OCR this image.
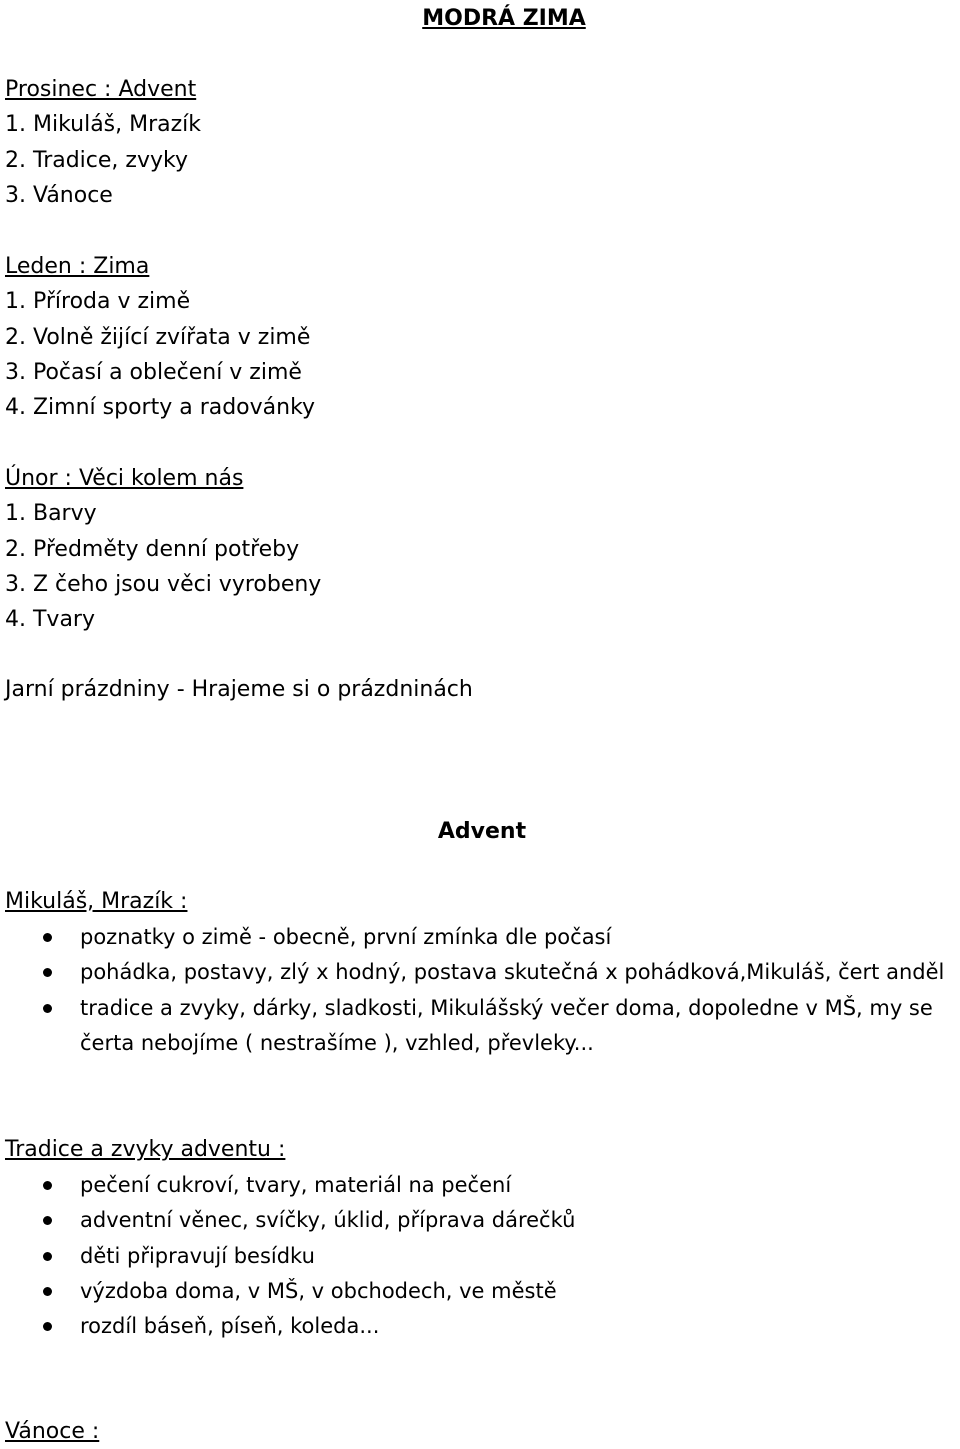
MODRÁ ZIMA
Prosinec : Advent
1. Mikuláš, Mrazík
2. Tradice, zvyky
3. Vánoce
Leden : Zima
1. Příroda v zimě
2. Volně žijící zvířata v zimě
3. Počasí a oblečení v zimě
4. Zimní sporty a radovánky
Únor : Věci kolem nás
1. Barvy
2. Předměty denní potřeby
3. Z čeho jsou věci vyrobeny
4. Tvary
Jarní prázdniny - Hrajeme si o prázdninách
Advent
Mikuláš, Mrazík :
poznatky o zimě - obecně, první zmínka dle počasí
pohádka, postavy, zlý x hodný, postava skutečná x pohádková,Mikuláš, čert anděl
tradice a zvyky, dárky, sladkosti, Mikulášský večer doma, dopoledne v MŠ, my se čerta nebojíme ( nestrašíme ), vzhled, převleky...
Tradice a zvyky adventu :
pečení cukroví, tvary, materiál na pečení
adventní věnec, svíčky, úklid, příprava dárečků
děti připravují besídku
výzdoba doma, v MŠ, v obchodech, ve městě
rozdíl báseň, píseň, koleda...
Vánoce :
